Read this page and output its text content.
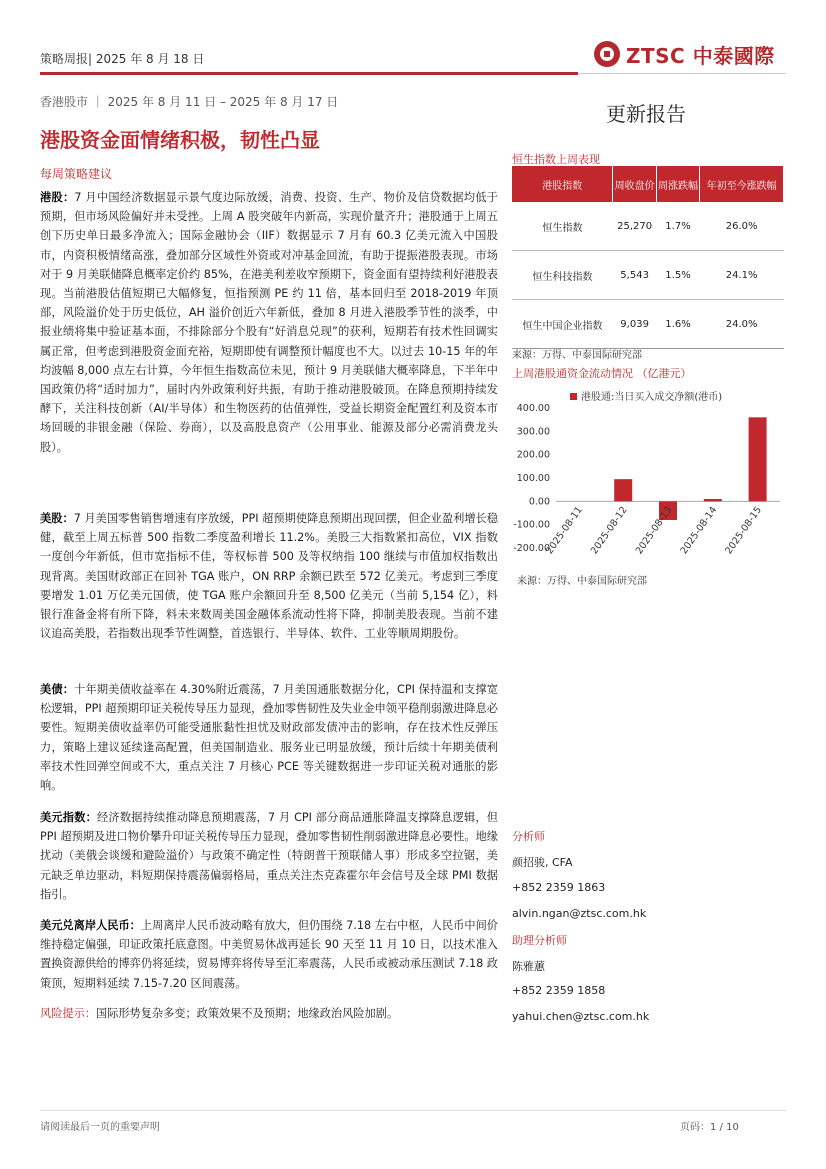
策略周报| 2025 年 8 月 18 日	ZTSC 中泰國際
香港股市 ｜ 2025 年 8 月 11 日 – 2025 年 8 月 17 日	更新报告
港股资金面情绪积极，韧性凸显
每周策略建议
港股：7 月中国经济数据显示景气度边际放缓，消费、投资、生产、物价及信贷数据均低于预期，但市场风险偏好并未受挫。上周 A 股突破年内新高，实现价量齐升；港股通于上周五创下历史单日最多净流入；国际金融协会（IIF）数据显示 7 月有 60.3 亿美元流入中国股市，内资积极情绪高涨，叠加部分区域性外资或对冲基金回流，有助于提振港股表现。市场对于 9 月美联储降息概率定价约 85%，在港美利差收窄预期下，资金面有望持续利好港股表现。当前港股估值短期已大幅修复，恒指预测 PE 约 11 倍，基本回归至 2018-2019 年顶部，风险溢价处于历史低位，AH 溢价创近六年新低，叠加 8 月进入港股季节性的淡季，中报业绩将集中验证基本面，不排除部分个股有“好消息兑现”的获利，短期若有技术性回调实属正常，但考虑到港股资金面充裕，短期即使有调整预计幅度也不大。以过去 10-15 年的年均波幅 8,000 点左右计算，今年恒生指数高位未见，预计 9 月美联储大概率降息，下半年中国政策仍将“适时加力”，届时内外政策利好共振，有助于推动港股破顶。在降息预期持续发酵下，关注科技创新（AI/半导体）和生物医药的估值弹性，受益长期资金配置红利及资本市场回暖的非银金融（保险、券商），以及高股息资产（公用事业、能源及部分必需消费龙头股）。
美股：7 月美国零售销售增速有序放缓，PPI 超预期使降息预期出现回摆，但企业盈利增长稳健，截至上周五标普 500 指数二季度盈利增长 11.2%。美股三大指数紧扣高位，VIX 指数一度创今年新低，但市宽指标不佳，等权标普 500 及等权纳指 100 继续与市值加权指数出现背离。美国财政部正在回补 TGA 账户，ON RRP 余额已跌至 572 亿美元。考虑到三季度要增发 1.01 万亿美元国债，使 TGA 账户余额回升至 8,500 亿美元（当前 5,154 亿），料银行准备金将有所下降，料未来数周美国金融体系流动性将下降，抑制美股表现。当前不建议追高美股，若指数出现季节性调整，首选银行、半导体、软件、工业等顺周期股份。
美债：十年期美债收益率在 4.30%附近震荡，7 月美国通胀数据分化，CPI 保持温和支撑宽松逻辑，PPI 超预期印证关税传导压力显现，叠加零售韧性及失业金申领平稳削弱激进降息必要性。短期美债收益率仍可能受通胀黏性担忧及财政部发债冲击的影响，存在技术性反弹压力，策略上建议延续逢高配置，但美国制造业、服务业已明显放缓，预计后续十年期美债利率技术性回弹空间或不大，重点关注 7 月核心 PCE 等关键数据进一步印证关税对通胀的影响。
美元指数：经济数据持续推动降息预期震荡，7 月 CPI 部分商品通胀降温支撑降息逻辑，但 PPI 超预期及进口物价攀升印证关税传导压力显现，叠加零售韧性削弱激进降息必要性。地缘扰动（美俄会谈缓和避险溢价）与政策不确定性（特朗普干预联储人事）形成多空拉锯，美元缺乏单边驱动，料短期保持震荡偏弱格局，重点关注杰克森霍尔年会信号及全球 PMI 数据指引。
美元兑离岸人民币：上周离岸人民币波动略有放大，但仍围绕 7.18 左右中枢，人民币中间价维持稳定偏强，印证政策托底意图。中美贸易休战再延长 90 天至 11 月 10 日，以技术准入置换资源供给的博弈仍将延续，贸易博弈将传导至汇率震荡，人民币或被动承压测试 7.18 政策顶，短期料延续 7.15-7.20 区间震荡。
风险提示：国际形势复杂多变；政策效果不及预期；地缘政治风险加剧。
恒生指数上周表现
港股指数	周收盘价	周涨跌幅	年初至今涨跌幅
恒生指数	25,270	1.7%	26.0%
恒生科技指数	5,543	1.5%	24.1%
恒生中国企业指数	9,039	1.6%	24.0%
来源：万得、中泰国际研究部
上周港股通资金流动情况 （亿港元）
港股通:当日买入成交净额(港币)
400.00
300.00
200.00
100.00
0.00
-100.00
-200.00
2025-08-11 2025-08-12 2025-08-13 2025-08-14 2025-08-15
来源：万得、中泰国际研究部
分析师
颜招骏, CFA
+852 2359 1863
alvin.ngan@ztsc.com.hk
助理分析师
陈雅蕙
+852 2359 1858
yahui.chen@ztsc.com.hk
请阅读最后一页的重要声明	页码：1 / 10
